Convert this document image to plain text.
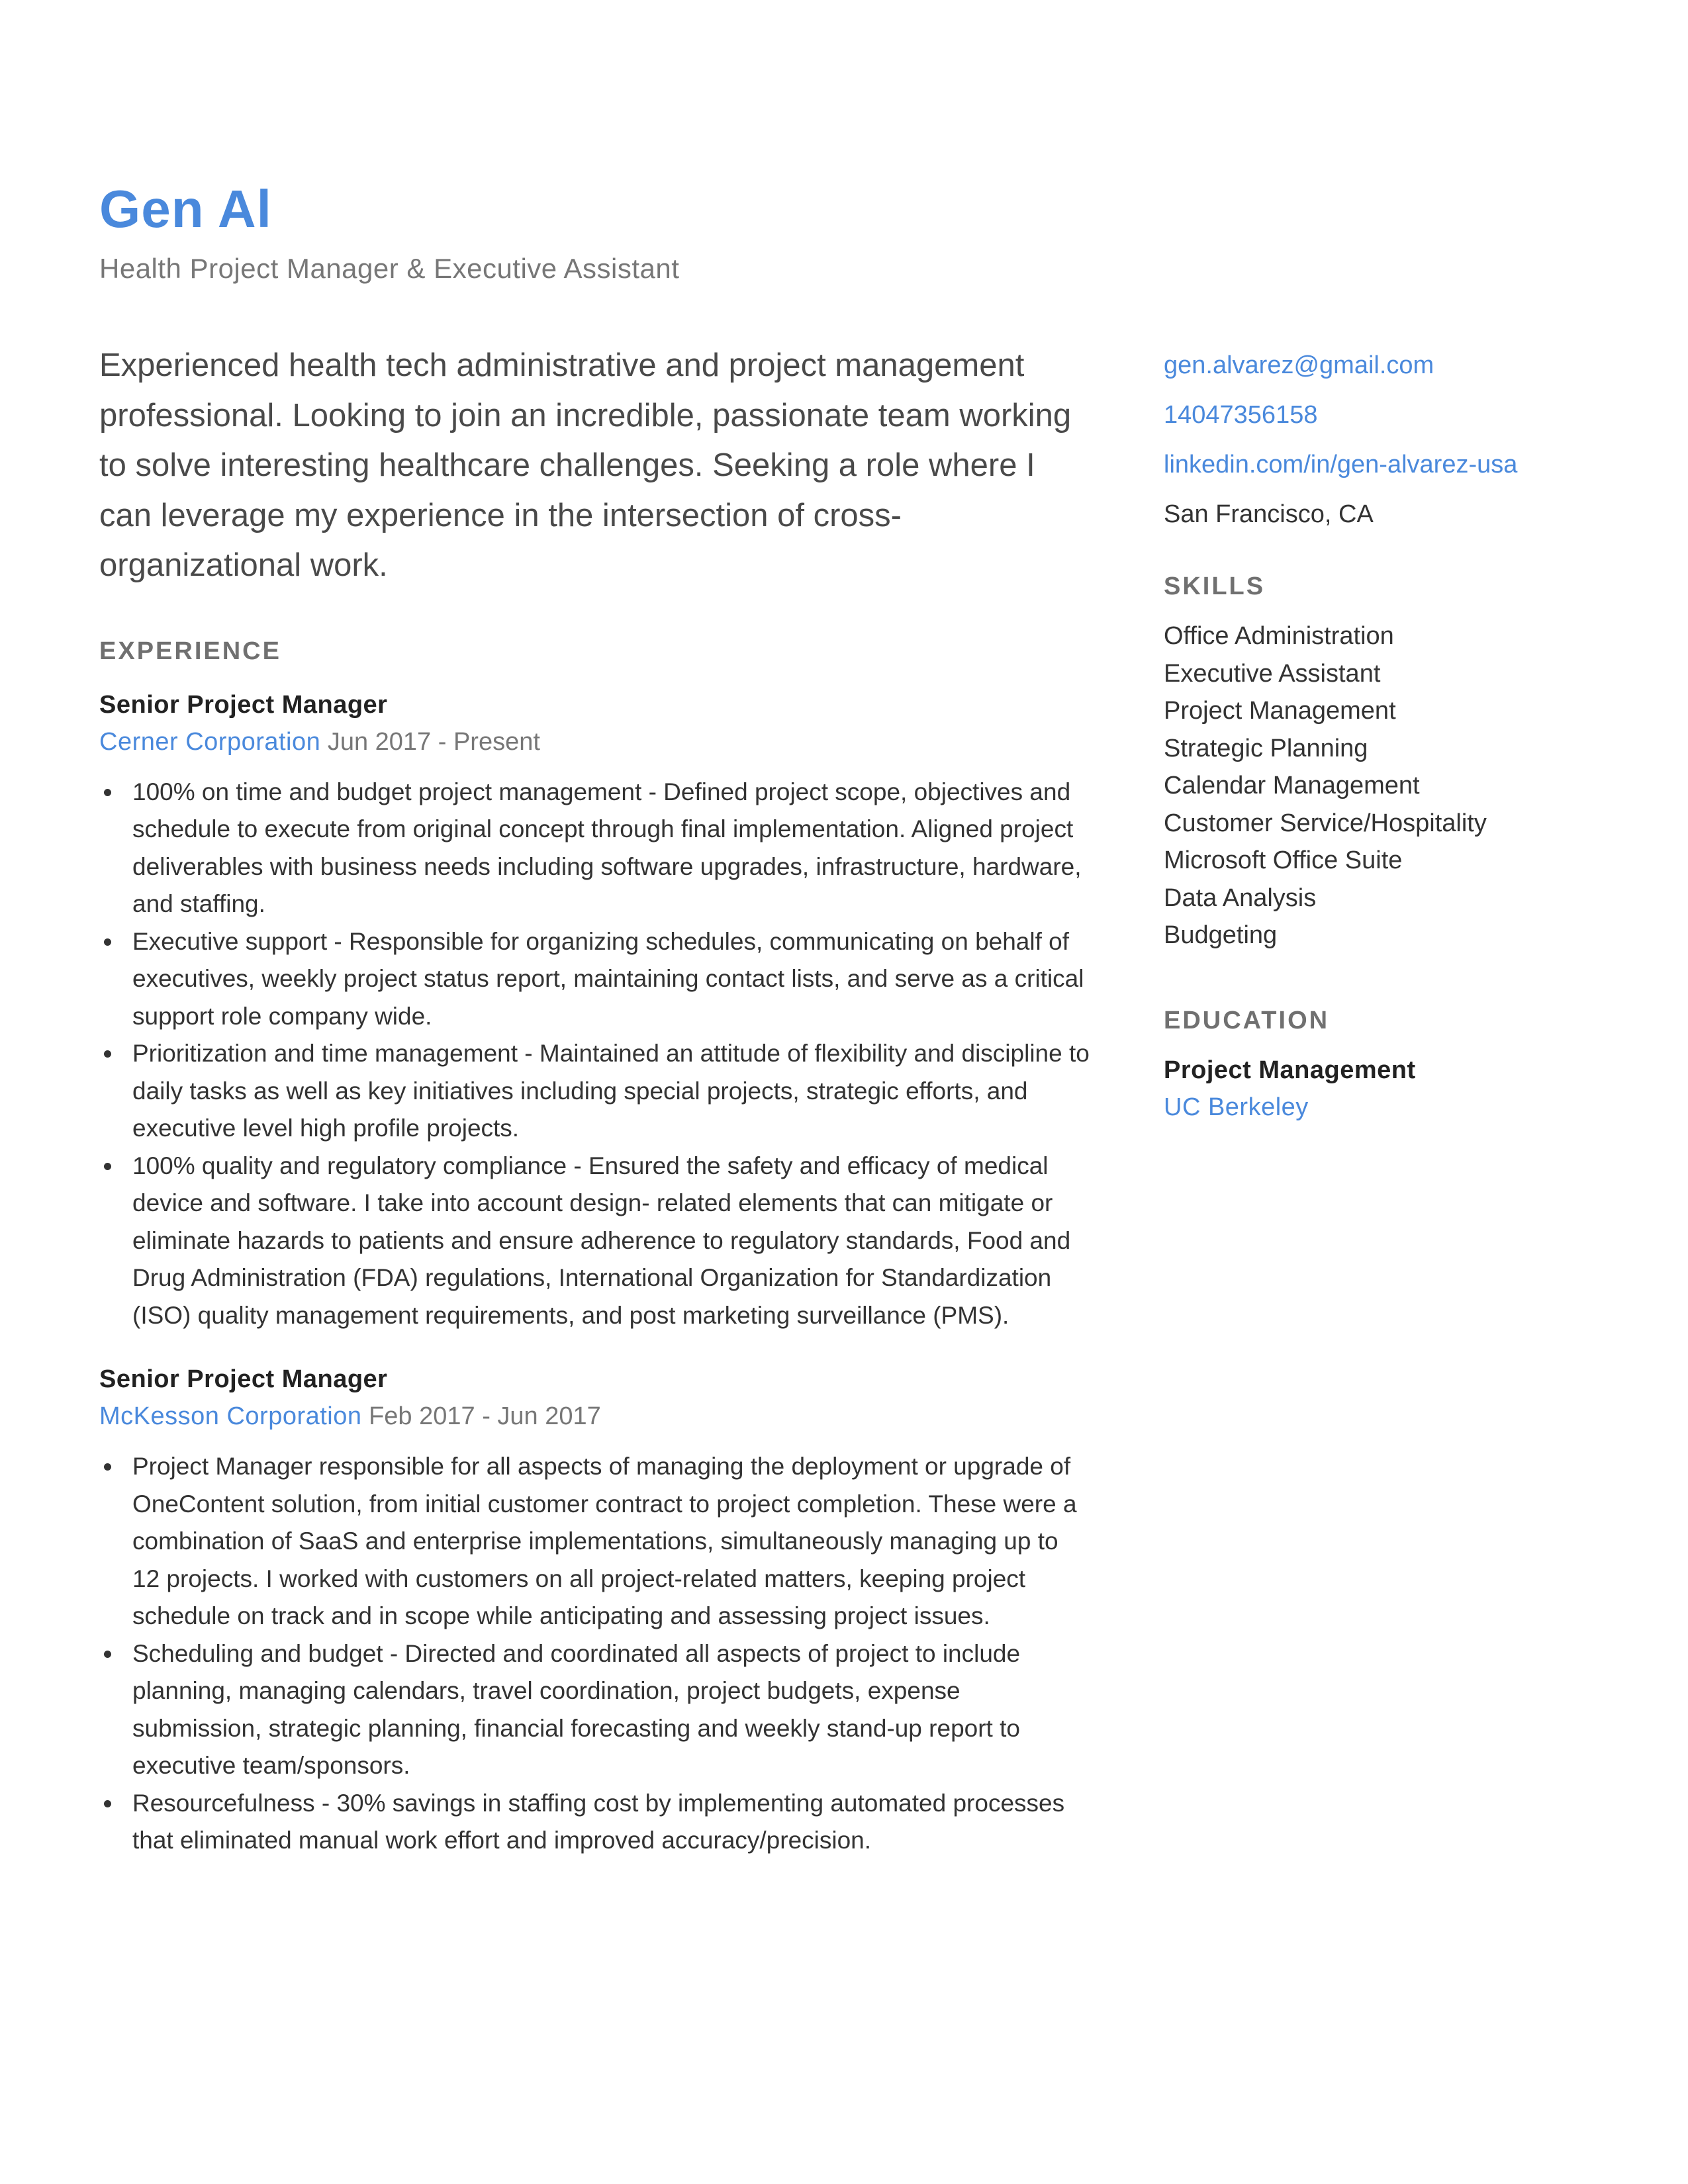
Gen Al
Health Project Manager & Executive Assistant

Experienced health tech administrative and project management professional. Looking to join an incredible, passionate team working to solve interesting healthcare challenges. Seeking a role where I can leverage my experience in the intersection of cross-organizational work.

EXPERIENCE
Senior Project Manager
Cerner Corporation Jun 2017 - Present
100% on time and budget project management - Defined project scope, objectives and schedule to execute from original concept through final implementation. Aligned project deliverables with business needs including software upgrades, infrastructure, hardware, and staffing.
Executive support - Responsible for organizing schedules, communicating on behalf of executives, weekly project status report, maintaining contact lists, and serve as a critical support role company wide.
Prioritization and time management - Maintained an attitude of flexibility and discipline to daily tasks as well as key initiatives including special projects, strategic efforts, and executive level high profile projects.
100% quality and regulatory compliance - Ensured the safety and efficacy of medical device and software. I take into account design- related elements that can mitigate or eliminate hazards to patients and ensure adherence to regulatory standards, Food and Drug Administration (FDA) regulations, International Organization for Standardization (ISO) quality management requirements, and post marketing surveillance (PMS).
Senior Project Manager
McKesson Corporation Feb 2017 - Jun 2017
Project Manager responsible for all aspects of managing the deployment or upgrade of OneContent solution, from initial customer contract to project completion. These were a combination of SaaS and enterprise implementations, simultaneously managing up to 12 projects. I worked with customers on all project-related matters, keeping project schedule on track and in scope while anticipating and assessing project issues.
Scheduling and budget - Directed and coordinated all aspects of project to include planning, managing calendars, travel coordination, project budgets, expense submission, strategic planning, financial forecasting and weekly stand-up report to executive team/sponsors.
Resourcefulness - 30% savings in staffing cost by implementing automated processes that eliminated manual work effort and improved accuracy/precision.
gen.alvarez@gmail.com
14047356158
linkedin.com/in/gen-alvarez-usa
San Francisco, CA
SKILLS
Office Administration
Executive Assistant
Project Management
Strategic Planning
Calendar Management
Customer Service/Hospitality
Microsoft Office Suite
Data Analysis
Budgeting
EDUCATION
Project Management
UC Berkeley
